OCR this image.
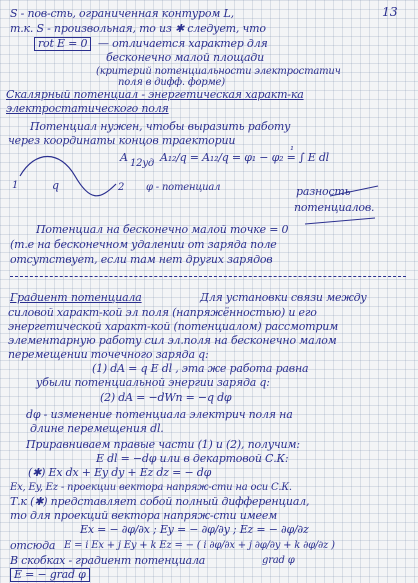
13
S - пов-сть, ограниченная контуром L,
т.к. S - произвольная, то из ✱ следует, что
rot E = 0 — отличается характер для
бесконечно малой площади
(критерий потенциальности электростатич
поля в дифф. форме)
Скалярный потенциал - энергетическая характ-ка
электростатического поля
Потенциал нужен, чтобы выразить работу
через координаты концов траектории
A 12уд A₁₂/q = A₁₂/q = φ₁ − φ₂ = ∫ E dl
₁
1	q	2 φ - потенциал	разность
потенциалов.
Потенциал на бесконечно малой точке = 0
(т.е на бесконечном удалении от заряда поле
отсутствует, если там нет других зарядов
Градиент потенциала	Для установки связи между
силовой характ-кой эл поля (напряжённостью) и его
энергетической характ-кой (потенциалом) рассмотрим
элементарную работу сил эл.поля на бесконечно малом
перемещении точечного заряда q:
(1) dA = q E dl , эта же работа равна
убыли потенциальной энергии заряда q:
(2) dA = −dWп = −q dφ
dφ - изменение потенциала электрич поля на
длине перемещения dl.
Приравниваем правые части (1) и (2), получим:
E dl = −dφ или в декартовой С.К:
(✱) Ex dx + Ey dy + Ez dz = − dφ
Ex, Ey, Ez - проекции вектора напряж-сти на оси С.К.
Т.к (✱) представляет собой полный дифференциал,
то для проекций вектора напряж-сти имеем
Ex = − ∂φ/∂x ; Ey = − ∂φ/∂y ; Ez = − ∂φ/∂z
отсюда E = i Ex + j Ey + k Ez = − ( i ∂φ/∂x + j ∂φ/∂y + k ∂φ/∂z )
В скобках - градиент потенциала	grad φ
E = − grad φ
